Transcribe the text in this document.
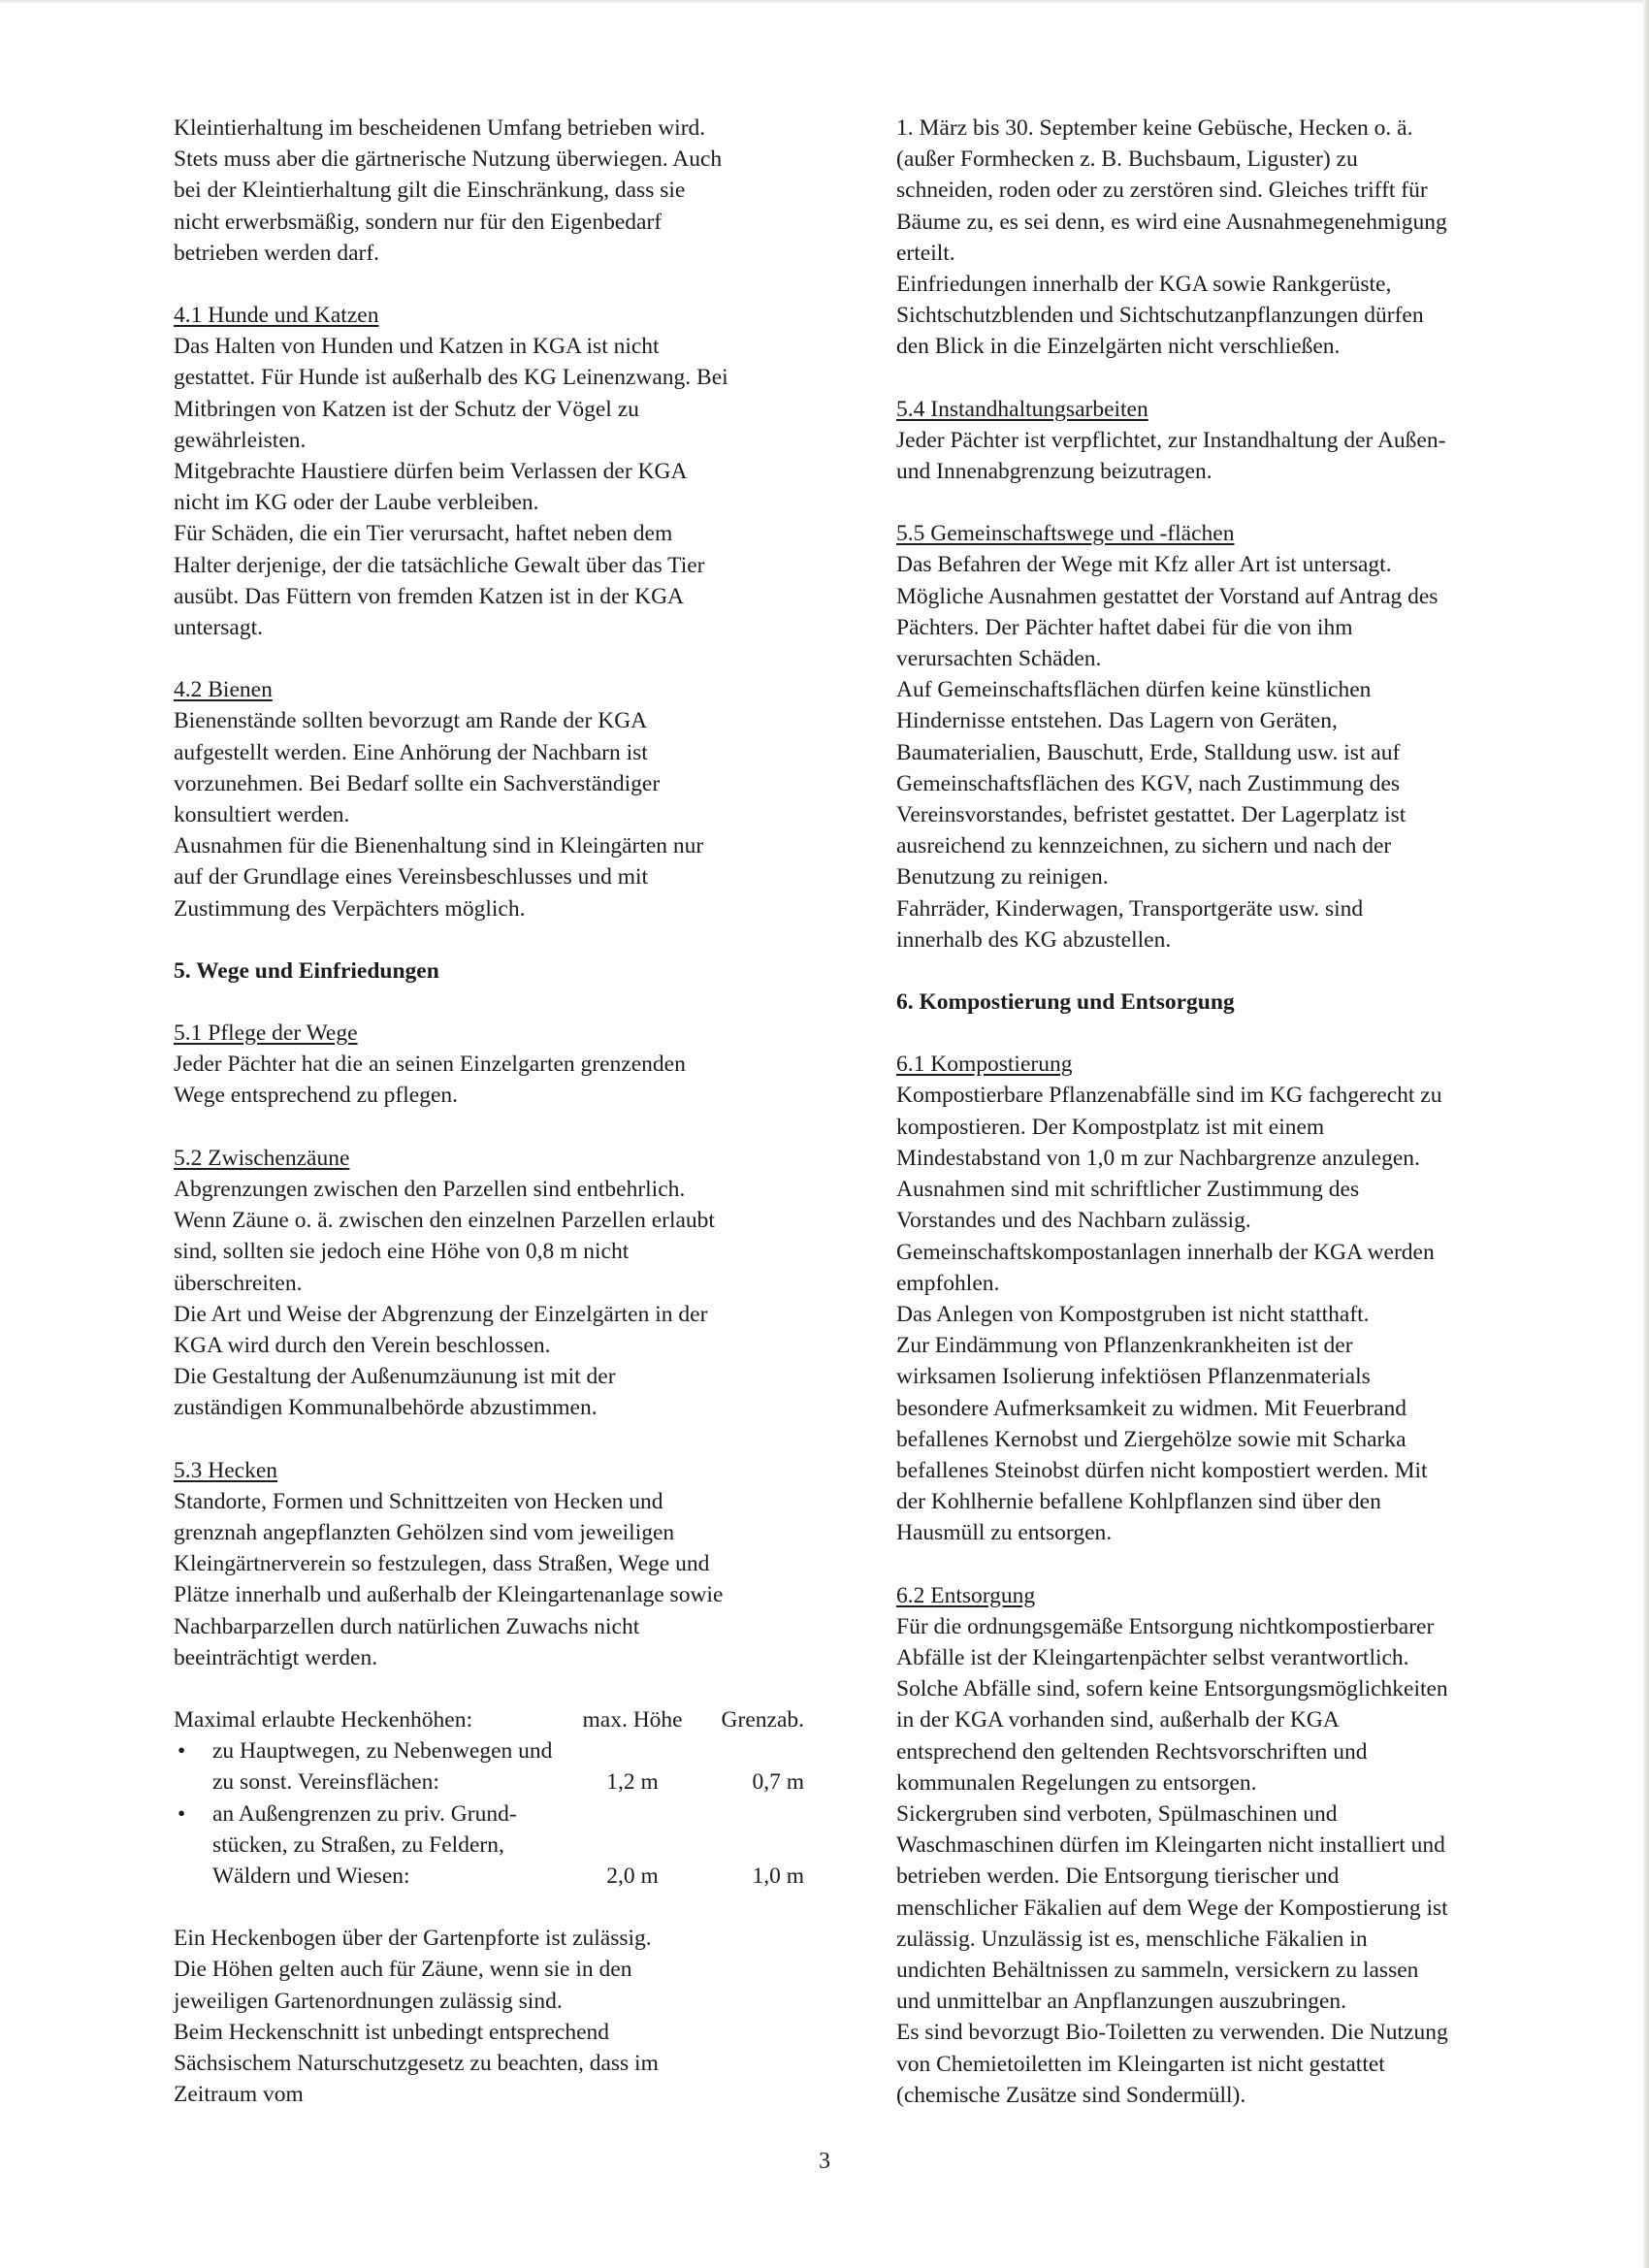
Kleintierhaltung im bescheidenen Umfang betrieben wird.

Stets muss aber die gärtnerische Nutzung überwiegen. Auch

bei der Kleintierhaltung gilt die Einschränkung, dass sie

nicht erwerbsmäßig, sondern nur für den Eigenbedarf

betrieben werden darf.

4.1 Hunde und Katzen

Das Halten von Hunden und Katzen in KGA ist nicht

gestattet. Für Hunde ist außerhalb des KG Leinenzwang. Bei

Mitbringen von Katzen ist der Schutz der Vögel zu

gewährleisten.

Mitgebrachte Haustiere dürfen beim Verlassen der KGA

nicht im KG oder der Laube verbleiben.

Für Schäden, die ein Tier verursacht, haftet neben dem

Halter derjenige, der die tatsächliche Gewalt über das Tier

ausübt. Das Füttern von fremden Katzen ist in der KGA

untersagt.

4.2 Bienen

Bienenstände sollten bevorzugt am Rande der KGA

aufgestellt werden. Eine Anhörung der Nachbarn ist

vorzunehmen. Bei Bedarf sollte ein Sachverständiger

konsultiert werden.

Ausnahmen für die Bienenhaltung sind in Kleingärten nur

auf der Grundlage eines Vereinsbeschlusses und mit

Zustimmung des Verpächters möglich.

5. Wege und Einfriedungen

5.1 Pflege der Wege

Jeder Pächter hat die an seinen Einzelgarten grenzenden

Wege entsprechend zu pflegen.

5.2 Zwischenzäune

Abgrenzungen zwischen den Parzellen sind entbehrlich.

Wenn Zäune o. ä. zwischen den einzelnen Parzellen erlaubt

sind, sollten sie jedoch eine Höhe von 0,8 m nicht

überschreiten.

Die Art und Weise der Abgrenzung der Einzelgärten in der

KGA wird durch den Verein beschlossen.

Die Gestaltung der Außenumzäunung ist mit der

zuständigen Kommunalbehörde abzustimmen.

5.3 Hecken

Standorte, Formen und Schnittzeiten von Hecken und

grenznah angepflanzten Gehölzen sind vom jeweiligen

Kleingärtnerverein so festzulegen, dass Straßen, Wege und

Plätze innerhalb und außerhalb der Kleingartenanlage sowie

Nachbarparzellen durch natürlichen Zuwachs nicht

beeinträchtigt werden.

Maximal erlaubte Heckenhöhen:	max. Höhe	Grenzab.

• zu Hauptwegen, zu Nebenwegen und

zu sonst. Vereinsflächen:	1,2 m	0,7 m

• an Außengrenzen zu priv. Grund-

stücken, zu Straßen, zu Feldern,

Wäldern und Wiesen:	2,0 m	1,0 m

Ein Heckenbogen über der Gartenpforte ist zulässig.

Die Höhen gelten auch für Zäune, wenn sie in den

jeweiligen Gartenordnungen zulässig sind.

Beim Heckenschnitt ist unbedingt entsprechend

Sächsischem Naturschutzgesetz zu beachten, dass im

Zeitraum vom

1. März bis 30. September keine Gebüsche, Hecken o. ä.

(außer Formhecken z. B. Buchsbaum, Liguster) zu

schneiden, roden oder zu zerstören sind. Gleiches trifft für

Bäume zu, es sei denn, es wird eine Ausnahmegenehmigung

erteilt.

Einfriedungen innerhalb der KGA sowie Rankgerüste,

Sichtschutzblenden und Sichtschutzanpflanzungen dürfen

den Blick in die Einzelgärten nicht verschließen.

5.4 Instandhaltungsarbeiten

Jeder Pächter ist verpflichtet, zur Instandhaltung der Außen-

und Innenabgrenzung beizutragen.

5.5 Gemeinschaftswege und -flächen

Das Befahren der Wege mit Kfz aller Art ist untersagt.

Mögliche Ausnahmen gestattet der Vorstand auf Antrag des

Pächters. Der Pächter haftet dabei für die von ihm

verursachten Schäden.

Auf Gemeinschaftsflächen dürfen keine künstlichen

Hindernisse entstehen. Das Lagern von Geräten,

Baumaterialien, Bauschutt, Erde, Stalldung usw. ist auf

Gemeinschaftsflächen des KGV, nach Zustimmung des

Vereinsvorstandes, befristet gestattet. Der Lagerplatz ist

ausreichend zu kennzeichnen, zu sichern und nach der

Benutzung zu reinigen.

Fahrräder, Kinderwagen, Transportgeräte usw. sind

innerhalb des KG abzustellen.

6. Kompostierung und Entsorgung

6.1 Kompostierung

Kompostierbare Pflanzenabfälle sind im KG fachgerecht zu

kompostieren. Der Kompostplatz ist mit einem

Mindestabstand von 1,0 m zur Nachbargrenze anzulegen.

Ausnahmen sind mit schriftlicher Zustimmung des

Vorstandes und des Nachbarn zulässig.

Gemeinschaftskompostanlagen innerhalb der KGA werden

empfohlen.

Das Anlegen von Kompostgruben ist nicht statthaft.

Zur Eindämmung von Pflanzenkrankheiten ist der

wirksamen Isolierung infektiösen Pflanzenmaterials

besondere Aufmerksamkeit zu widmen. Mit Feuerbrand

befallenes Kernobst und Ziergehölze sowie mit Scharka

befallenes Steinobst dürfen nicht kompostiert werden. Mit

der Kohlhernie befallene Kohlpflanzen sind über den

Hausmüll zu entsorgen.

6.2 Entsorgung

Für die ordnungsgemäße Entsorgung nichtkompostierbarer

Abfälle ist der Kleingartenpächter selbst verantwortlich.

Solche Abfälle sind, sofern keine Entsorgungsmöglichkeiten

in der KGA vorhanden sind, außerhalb der KGA

entsprechend den geltenden Rechtsvorschriften und

kommunalen Regelungen zu entsorgen.

Sickergruben sind verboten, Spülmaschinen und

Waschmaschinen dürfen im Kleingarten nicht installiert und

betrieben werden. Die Entsorgung tierischer und

menschlicher Fäkalien auf dem Wege der Kompostierung ist

zulässig. Unzulässig ist es, menschliche Fäkalien in

undichten Behältnissen zu sammeln, versickern zu lassen

und unmittelbar an Anpflanzungen auszubringen.

Es sind bevorzugt Bio-Toiletten zu verwenden. Die Nutzung

von Chemietoiletten im Kleingarten ist nicht gestattet

(chemische Zusätze sind Sondermüll).

3
